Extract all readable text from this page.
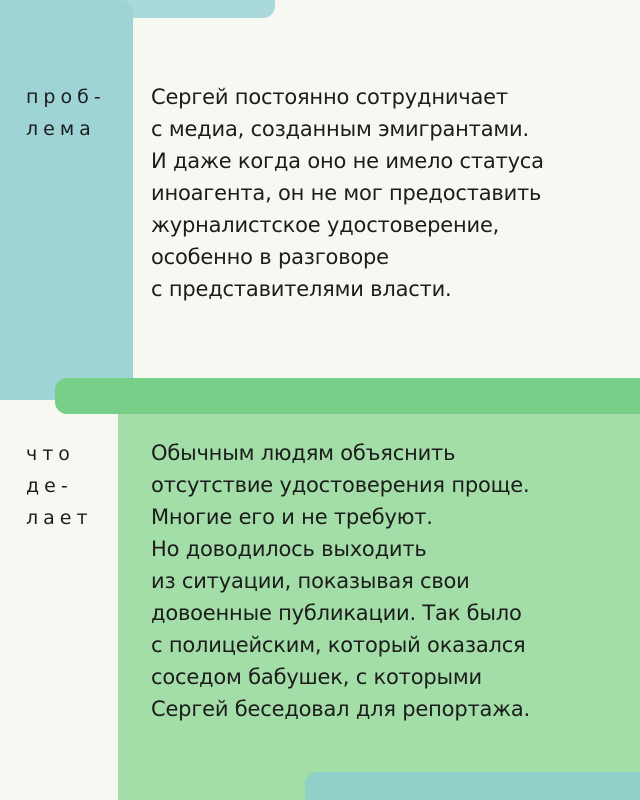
проб-
лема
Сергей постоянно сотрудничает
с медиа, созданным эмигрантами.
И даже когда оно не имело статуса
иноагента, он не мог предоставить
журналистское удостоверение,
особенно в разговоре
с представителями власти.
что
де-
лает
Обычным людям объяснить
отсутствие удостоверения проще.
Многие его и не требуют.
Но доводилось выходить
из ситуации, показывая свои
довоенные публикации. Так было
с полицейским, который оказался
соседом бабушек, с которыми
Сергей беседовал для репортажа.
